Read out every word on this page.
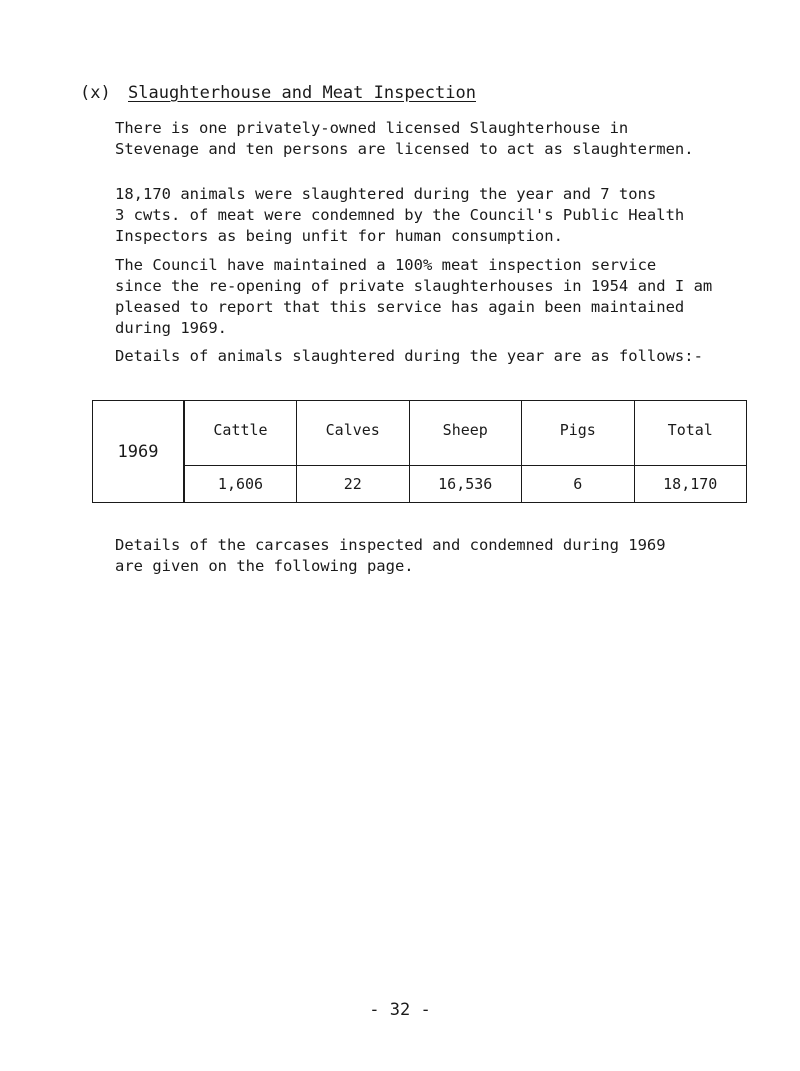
(x) Slaughterhouse and Meat Inspection
There is one privately-owned licensed Slaughterhouse in
Stevenage and ten persons are licensed to act as slaughtermen.
18,170 animals were slaughtered during the year and 7 tons
3 cwts. of meat were condemned by the Council's Public Health
Inspectors as being unfit for human consumption.
The Council have maintained a 100% meat inspection service
since the re-opening of private slaughterhouses in 1954 and I am
pleased to report that this service has again been maintained
during 1969.
Details of animals slaughtered during the year are as follows:-
1969	Cattle	Calves	Sheep	Pigs	Total
	1,606	22	16,536	6	18,170
Details of the carcases inspected and condemned during 1969
are given on the following page.
- 32 -
